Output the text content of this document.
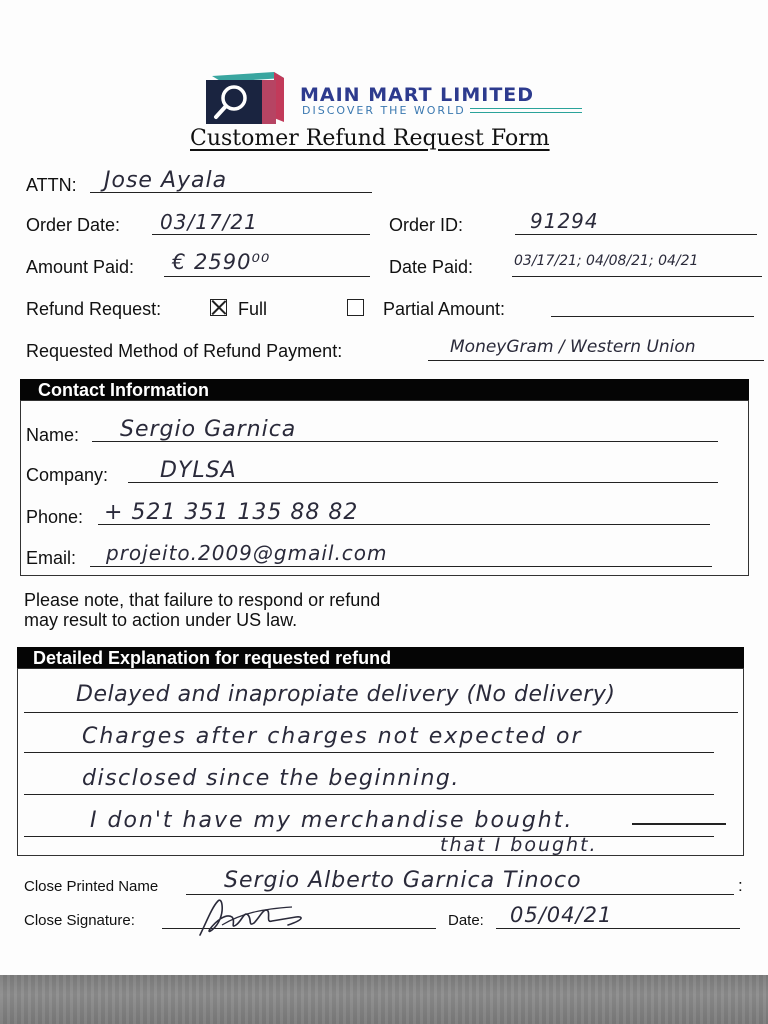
MAIN MART LIMITED
DISCOVER THE WORLD
Customer Refund Request Form
ATTN: Jose Ayala
Order Date: 03/17/21	Order ID:	91294
Amount Paid: € 2590⁰⁰	Date Paid:	03/17/21; 04/08/21; 04/21
Refund Request:	Full	Partial Amount:
Requested Method of Refund Payment:	MoneyGram / Western Union
Contact Information
Name: Sergio Garnica
Company: DYLSA
Phone: + 521 351 135 88 82
Email: projeito.2009@gmail.com
Please note, that failure to respond or refund
may result to action under US law.
Detailed Explanation for requested refund
Delayed and inapropiate delivery (No delivery)
Charges after charges not expected or
disclosed since the beginning.
I don't have my merchandise bought.
that I bought.
Close Printed Name	Sergio Alberto Garnica Tinoco	:
Close Signature:	Date: 05/04/21
